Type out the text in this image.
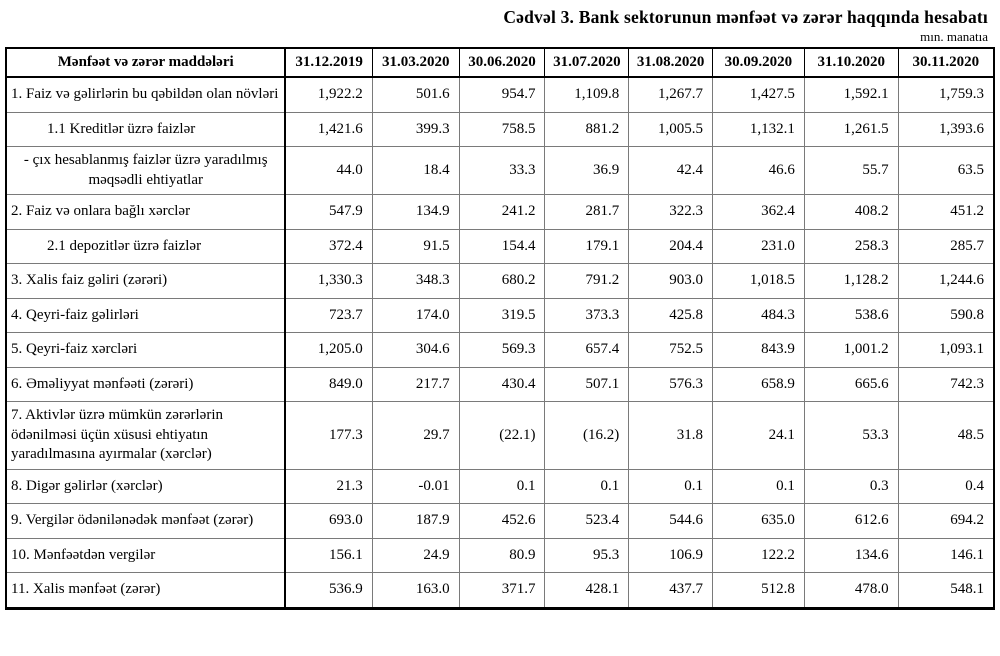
Cədvəl 3. Bank sektorunun mənfəət və zərər haqqında hesabatı
mın. manatıa
Mənfəət və zərər maddələri	31.12.2019	31.03.2020	30.06.2020	31.07.2020	31.08.2020	30.09.2020	31.10.2020	30.11.2020
1. Faiz və gəlirlərin bu qəbildən olan növləri	1,922.2	501.6	954.7	1,109.8	1,267.7	1,427.5	1,592.1	1,759.3
1.1 Kreditlər üzrə faizlər	1,421.6	399.3	758.5	881.2	1,005.5	1,132.1	1,261.5	1,393.6
- çıx hesablanmış faizlər üzrə yaradılmış məqsədli ehtiyatlar	44.0	18.4	33.3	36.9	42.4	46.6	55.7	63.5
2. Faiz və onlara bağlı xərclər	547.9	134.9	241.2	281.7	322.3	362.4	408.2	451.2
2.1 depozitlər üzrə faizlər	372.4	91.5	154.4	179.1	204.4	231.0	258.3	285.7
3. Xalis faiz gəliri (zərəri)	1,330.3	348.3	680.2	791.2	903.0	1,018.5	1,128.2	1,244.6
4. Qeyri-faiz gəlirləri	723.7	174.0	319.5	373.3	425.8	484.3	538.6	590.8
5. Qeyri-faiz xərcləri	1,205.0	304.6	569.3	657.4	752.5	843.9	1,001.2	1,093.1
6. Əməliyyat mənfəəti (zərəri)	849.0	217.7	430.4	507.1	576.3	658.9	665.6	742.3
7. Aktivlər üzrə mümkün zərərlərin ödənilməsi üçün xüsusi ehtiyatın yaradılmasına ayırmalar (xərclər)	177.3	29.7	(22.1)	(16.2)	31.8	24.1	53.3	48.5
8. Digər gəlirlər (xərclər)	21.3	-0.01	0.1	0.1	0.1	0.1	0.3	0.4
9. Vergilər ödənilənədək mənfəət (zərər)	693.0	187.9	452.6	523.4	544.6	635.0	612.6	694.2
10. Mənfəətdən vergilər	156.1	24.9	80.9	95.3	106.9	122.2	134.6	146.1
11. Xalis mənfəət (zərər)	536.9	163.0	371.7	428.1	437.7	512.8	478.0	548.1
